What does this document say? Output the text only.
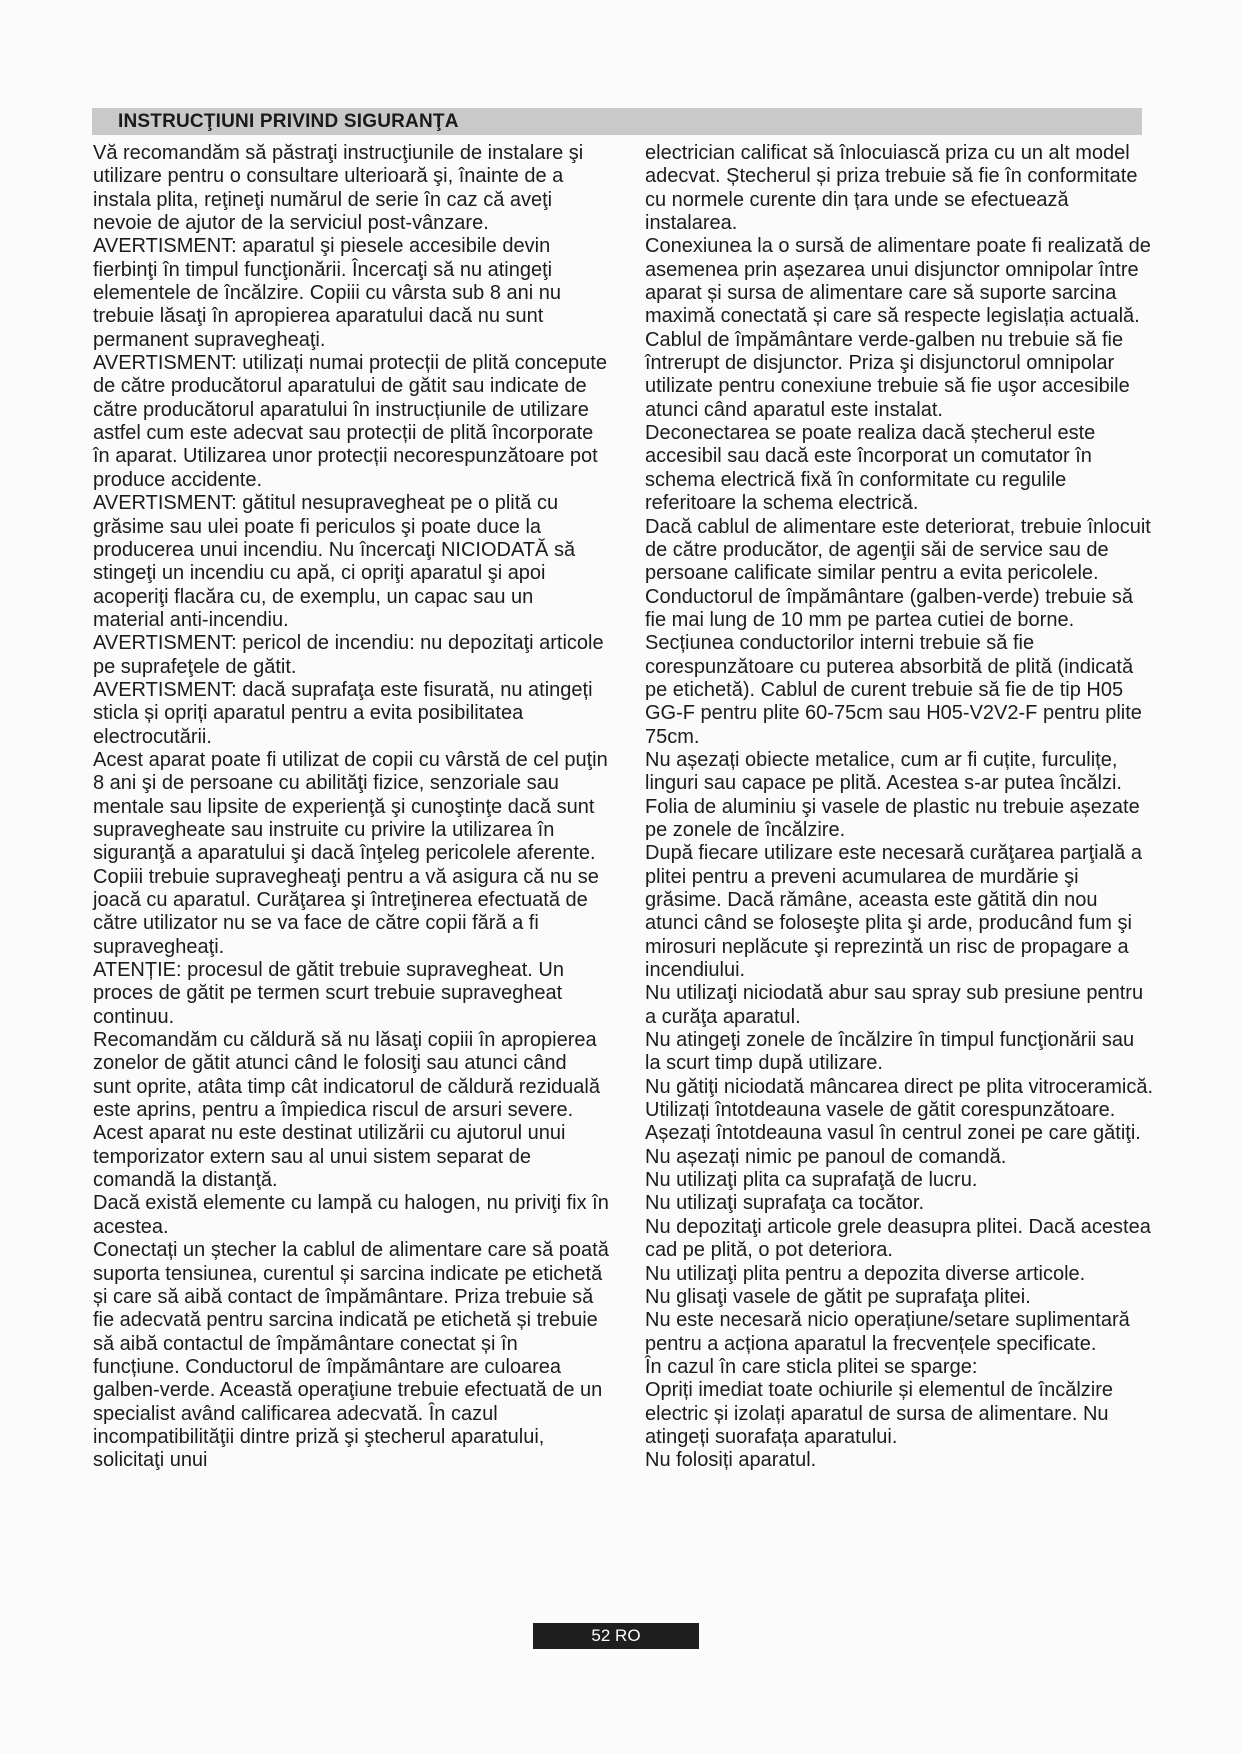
INSTRUCŢIUNI PRIVIND SIGURANŢA

Vă recomandăm să păstraţi instrucţiunile de instalare şi utilizare pentru o consultare ulterioară şi, înainte de a instala plita, reţineţi numărul de serie în caz că aveţi nevoie de ajutor de la serviciul post-vânzare.

AVERTISMENT: aparatul şi piesele accesibile devin fierbinţi în timpul funcţionării. Încercaţi să nu atingeţi elementele de încălzire. Copiii cu vârsta sub 8 ani nu trebuie lăsaţi în apropierea aparatului dacă nu sunt permanent supravegheaţi.

AVERTISMENT: utilizați numai protecții de plită concepute de către producătorul aparatului de gătit sau indicate de către producătorul aparatului în instrucțiunile de utilizare astfel cum este adecvat sau protecții de plită încorporate în aparat. Utilizarea unor protecții necorespunzătoare pot produce accidente.

AVERTISMENT: gătitul nesupravegheat pe o plită cu grăsime sau ulei poate fi periculos şi poate duce la producerea unui incendiu. Nu încercaţi NICIODATĂ să stingeţi un incendiu cu apă, ci opriţi aparatul şi apoi acoperiţi flacăra cu, de exemplu, un capac sau un material anti-incendiu.

AVERTISMENT: pericol de incendiu: nu depozitaţi articole pe suprafeţele de gătit.

AVERTISMENT: dacă suprafaţa este fisurată, nu atingeți sticla și opriți aparatul pentru a evita posibilitatea electrocutării.

Acest aparat poate fi utilizat de copii cu vârstă de cel puţin 8 ani şi de persoane cu abilităţi fizice, senzoriale sau mentale sau lipsite de experienţă şi cunoştinţe dacă sunt supravegheate sau instruite cu privire la utilizarea în siguranţă a aparatului şi dacă înţeleg pericolele aferente.

Copiii trebuie supravegheaţi pentru a vă asigura că nu se joacă cu aparatul. Curăţarea şi întreţinerea efectuată de către utilizator nu se va face de către copii fără a fi supravegheaţi.

ATENȚIE: procesul de gătit trebuie supravegheat. Un proces de gătit pe termen scurt trebuie supravegheat continuu.

Recomandăm cu căldură să nu lăsaţi copiii în apropierea zonelor de gătit atunci când le folosiţi sau atunci când sunt oprite, atâta timp cât indicatorul de căldură reziduală este aprins, pentru a împiedica riscul de arsuri severe.

Acest aparat nu este destinat utilizării cu ajutorul unui temporizator extern sau al unui sistem separat de comandă la distanţă.

Dacă există elemente cu lampă cu halogen, nu priviţi fix în acestea.

Conectați un ștecher la cablul de alimentare care să poată suporta tensiunea, curentul și sarcina indicate pe etichetă și care să aibă contact de împământare. Priza trebuie să fie adecvată pentru sarcina indicată pe etichetă și trebuie să aibă contactul de împământare conectat și în funcțiune. Conductorul de împământare are culoarea galben-verde. Această operaţiune trebuie efectuată de un specialist având calificarea adecvată. În cazul incompatibilităţii dintre priză şi ştecherul aparatului, solicitaţi unui

electrician calificat să înlocuiască priza cu un alt model adecvat. Ștecherul și priza trebuie să fie în conformitate cu normele curente din țara unde se efectuează instalarea.

Conexiunea la o sursă de alimentare poate fi realizată de asemenea prin așezarea unui disjunctor omnipolar între aparat și sursa de alimentare care să suporte sarcina maximă conectată și care să respecte legislația actuală.

Cablul de împământare verde-galben nu trebuie să fie întrerupt de disjunctor. Priza şi disjunctorul omnipolar utilizate pentru conexiune trebuie să fie uşor accesibile atunci când aparatul este instalat.

Deconectarea se poate realiza dacă ștecherul este accesibil sau dacă este încorporat un comutator în schema electrică fixă în conformitate cu regulile referitoare la schema electrică.

Dacă cablul de alimentare este deteriorat, trebuie înlocuit de către producător, de agenţii săi de service sau de persoane calificate similar pentru a evita pericolele. Conductorul de împământare (galben-verde) trebuie să fie mai lung de 10 mm pe partea cutiei de borne. Secțiunea conductorilor interni trebuie să fie corespunzătoare cu puterea absorbită de plită (indicată pe etichetă). Cablul de curent trebuie să fie de tip H05 GG-F pentru plite 60-75cm sau H05-V2V2-F pentru plite 75cm.

Nu așezați obiecte metalice, cum ar fi cuțite, furculițe, linguri sau capace pe plită. Acestea s-ar putea încălzi.

Folia de aluminiu şi vasele de plastic nu trebuie așezate pe zonele de încălzire.

După fiecare utilizare este necesară curăţarea parţială a plitei pentru a preveni acumularea de murdărie şi grăsime. Dacă rămâne, aceasta este gătită din nou atunci când se foloseşte plita şi arde, producând fum şi mirosuri neplăcute şi reprezintă un risc de propagare a incendiului.

Nu utilizaţi niciodată abur sau spray sub presiune pentru a curăţa aparatul.

Nu atingeţi zonele de încălzire în timpul funcţionării sau la scurt timp după utilizare.

Nu gătiţi niciodată mâncarea direct pe plita vitroceramică.

Utilizați întotdeauna vasele de gătit corespunzătoare.

Așezați întotdeauna vasul în centrul zonei pe care gătiţi. Nu așezați nimic pe panoul de comandă.

Nu utilizaţi plita ca suprafaţă de lucru.

Nu utilizaţi suprafaţa ca tocător.

Nu depozitaţi articole grele deasupra plitei. Dacă acestea cad pe plită, o pot deteriora.

Nu utilizaţi plita pentru a depozita diverse articole.

Nu glisaţi vasele de gătit pe suprafaţa plitei.

Nu este necesară nicio operațiune/setare suplimentară pentru a acționa aparatul la frecvențele specificate.

În cazul în care sticla plitei se sparge:

Opriți imediat toate ochiurile și elementul de încălzire electric și izolați aparatul de sursa de alimentare. Nu atingeți suorafața aparatului.

Nu folosiți aparatul.

52 RO
